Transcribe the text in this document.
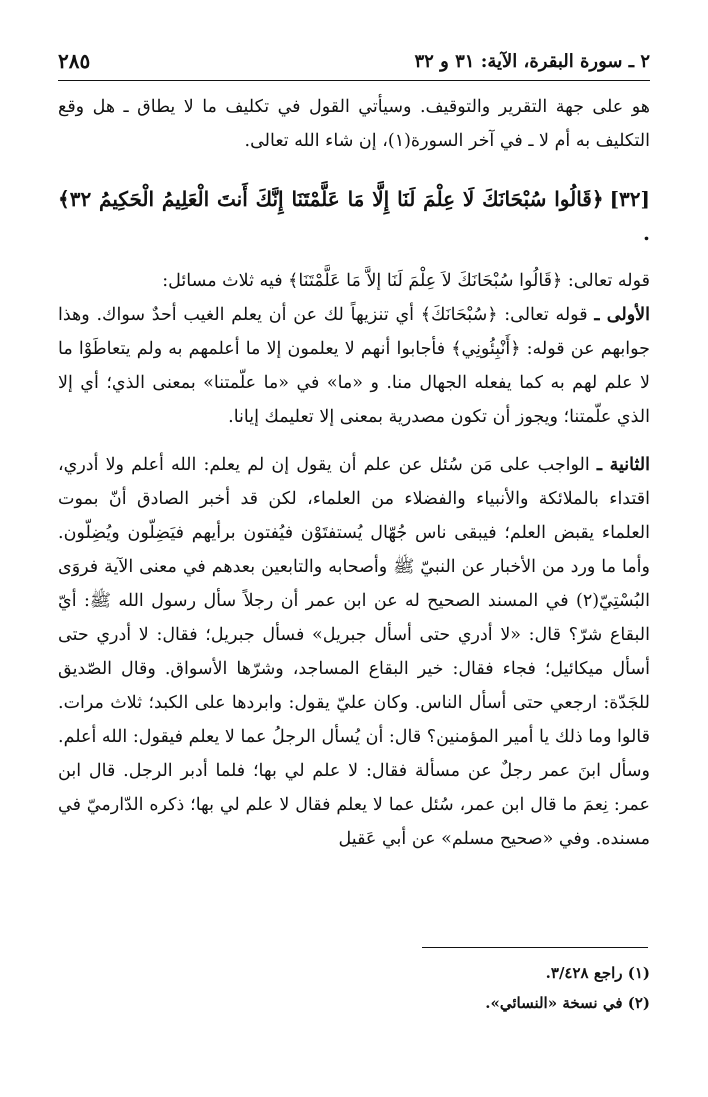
٢ ـ سورة البقرة، الآية: ٣١ و ٣٢
٢٨٥

هو على جهة التقرير والتوقيف. وسيأتي القول في تكليف ما لا يطاق ـ هل وقع التكليف به أم لا ـ في آخر السورة(١)، إن شاء الله تعالى.

[٣٢]﴿قَالُوا سُبْحَانَكَ لَا عِلْمَ لَنَا إِلَّا مَا عَلَّمْتَنَا إِنَّكَ أَنتَ الْعَلِيمُ الْحَكِيمُ ٣٢﴾ .

قوله تعالى: ﴿قَالُوا سُبْحَانَكَ لاَ عِلْمَ لَنَا إلاَّ مَا عَلَّمْتَنَا﴾ فيه ثلاث مسائل:

الأولى ـ قوله تعالى: ﴿سُبْحَانَكَ﴾ أي تنزيهاً لك عن أن يعلم الغيب أحدٌ سواك. وهذا جوابهم عن قوله: ﴿أَنْبِئُونِي﴾ فأجابوا أنهم لا يعلمون إلا ما أعلمهم به ولم يتعاطَوْا ما لا علم لهم به كما يفعله الجهال منا. و «ما» في «ما علّمتنا» بمعنى الذي؛ أي إلا الذي علّمتنا؛ ويجوز أن تكون مصدرية بمعنى إلا تعليمك إيانا.

الثانية ـ الواجب على مَن سُئل عن علم أن يقول إن لم يعلم: الله أعلم ولا أدري، اقتداء بالملائكة والأنبياء والفضلاء من العلماء، لكن قد أخبر الصادق أنّ بموت العلماء يقبض العلم؛ فيبقى ناس جُهّال يُستفتَوْن فيُفتون برأيهم فيَضِلّون ويُضِلّون. وأما ما ورد من الأخبار عن النبيّ ﷺ وأصحابه والتابعين بعدهم في معنى الآية فروَى البُسْتِيّ(٢) في المسند الصحيح له عن ابن عمر أن رجلاً سأل رسول الله ﷺ: أيّ البقاع شرّ؟ قال: «لا أدري حتى أسأل جبريل» فسأل جبريل؛ فقال: لا أدري حتى أسأل ميكائيل؛ فجاء فقال: خير البقاع المساجد، وشرّها الأسواق. وقال الصّديق للجَدّة: ارجعي حتى أسأل الناس. وكان عليّ يقول: وابردها على الكبد؛ ثلاث مرات. قالوا وما ذلك يا أمير المؤمنين؟ قال: أن يُسأل الرجلُ عما لا يعلم فيقول: الله أعلم. وسأل ابنَ عمر رجلٌ عن مسألة فقال: لا علم لي بها؛ فلما أدبر الرجل. قال ابن عمر: نِعمَ ما قال ابن عمر، سُئل عما لا يعلم فقال لا علم لي بها؛ ذكره الدّارميّ في مسنده. وفي «صحيح مسلم» عن أبي عَقيل

(١) راجع ٣/٤٢٨.

(٢) في نسخة «النسائي».
